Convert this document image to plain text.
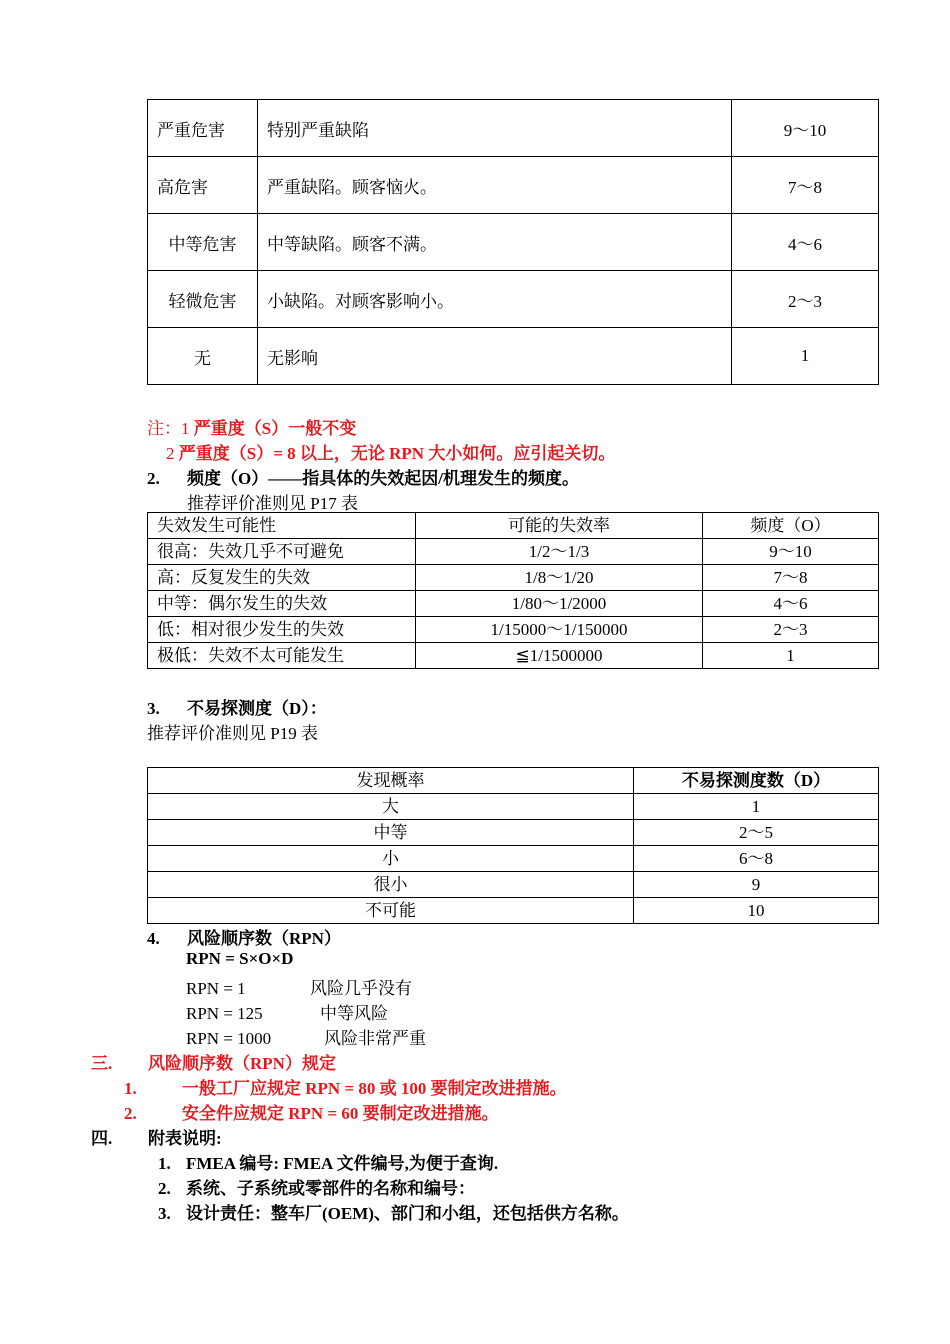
严重危害	特别严重缺陷	9～10
高危害	严重缺陷。顾客恼火。	7～8
中等危害	中等缺陷。顾客不满。	4～6
轻微危害	小缺陷。对顾客影响小。	2～3
无	无影响	1
注：1 严重度（S）一般不变
2 严重度（S）= 8 以上，无论 RPN 大小如何。应引起关切。
2. 频度（O）——指具体的失效起因/机理发生的频度。
推荐评价准则见 P17 表
失效发生可能性	可能的失效率	频度（O）
很高：失效几乎不可避免	1/2～1/3	9～10
高：反复发生的失效	1/8～1/20	7～8
中等：偶尔发生的失效	1/80～1/2000	4～6
低：相对很少发生的失效	1/15000～1/150000	2～3
极低：失效不太可能发生	≦1/1500000	1
3. 不易探测度（D）：
推荐评价准则见 P19 表
发现概率	不易探测度数（D）
大	1
中等	2～5
小	6～8
很小	9
不可能	10
4. 风险顺序数（RPN）
RPN = S×O×D
RPN = 1	风险几乎没有
RPN = 125	中等风险
RPN = 1000	风险非常严重
三. 风险顺序数（RPN）规定
1.	一般工厂应规定 RPN = 80 或 100 要制定改进措施。
2.	安全件应规定 RPN = 60 要制定改进措施。
四. 附表说明:
1. FMEA 编号: FMEA 文件编号,为便于查询.
2. 系统、子系统或零部件的名称和编号：
3. 设计责任：整车厂(OEM)、部门和小组，还包括供方名称。
